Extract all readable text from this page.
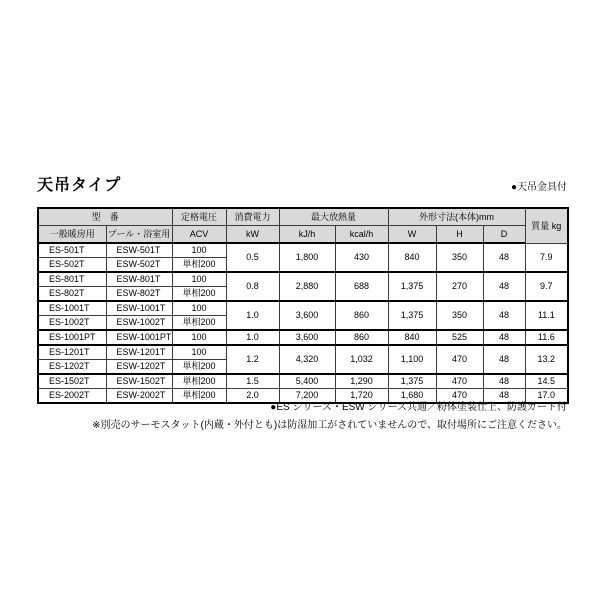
天吊タイプ	●天吊金具付
型　番		定格電圧	消費電力	最大放熱量		外形寸法(本体)mm			質量 kg
一般暖房用	プール・浴室用	ACV	kW	kJ/h	kcal/h	W	H	D	
ES-501T	ESW-501T	100	0.5	1,800	430	840	350	48	7.9
ES-502T	ESW-502T	単相200							
ES-801T	ESW-801T	100	0.8	2,880	688	1,375	270	48	9.7
ES-802T	ESW-802T	単相200							
ES-1001T	ESW-1001T	100	1.0	3,600	860	1,375	350	48	11.1
ES-1002T	ESW-1002T	単相200							
ES-1001PT	ESW-1001PT	100	1.0	3,600	860	840	525	48	11.6
ES-1201T	ESW-1201T	100	1.2	4,320	1,032	1,100	470	48	13.2
ES-1202T	ESW-1202T	単相200							
ES-1502T	ESW-1502T	単相200	1.5	5,400	1,290	1,375	470	48	14.5
ES-2002T	ESW-2002T	単相200	2.0	7,200	1,720	1,680	470	48	17.0

●ES シリーズ・ESW シリーズ共通／粉体塗装仕上、防護ガード付

※別売のサーモスタット(内蔵・外付とも)は防湿加工がされていませんので、取付場所にご注意ください。
